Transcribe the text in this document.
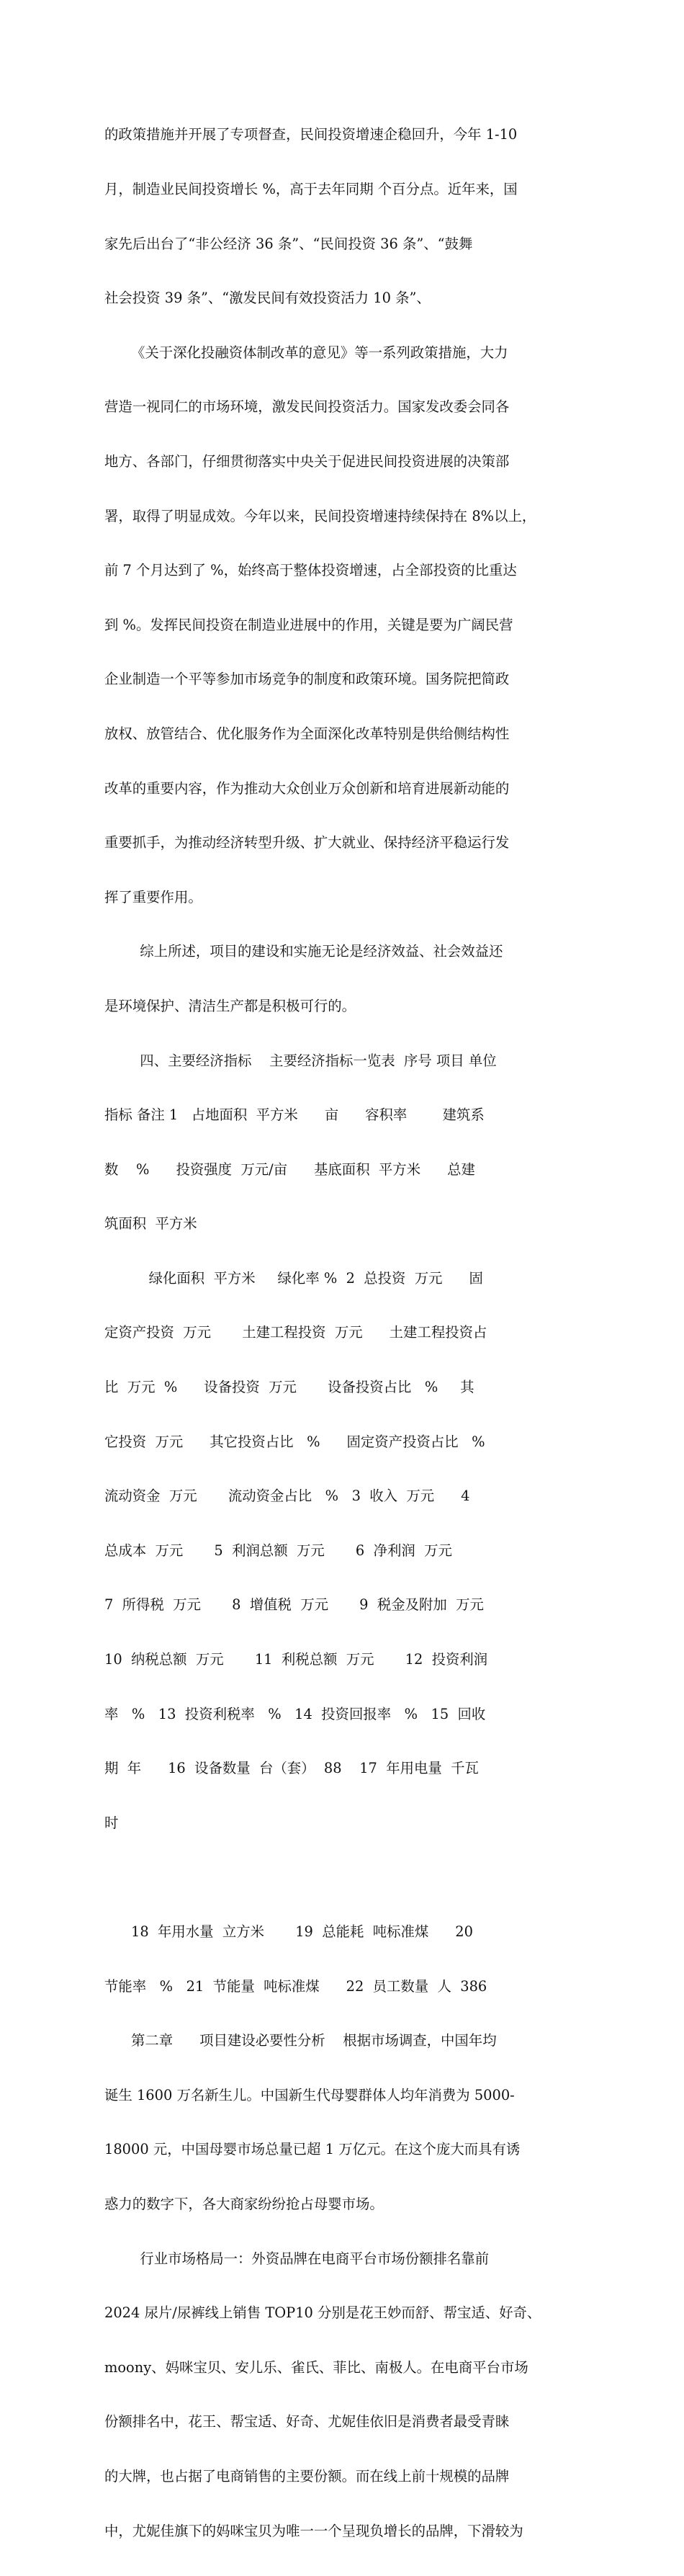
的政策措施并开展了专项督查，民间投资增速企稳回升，今年 1-10

月，制造业民间投资增长 %，高于去年同期 个百分点。近年来，国

家先后出台了“非公经济 36 条”、“民间投资 36 条”、“鼓舞

社会投资 39 条”、“激发民间有效投资活力 10 条”、

《关于深化投融资体制改革的意见》等一系列政策措施，大力

营造一视同仁的市场环境，激发民间投资活力。国家发改委会同各

地方、各部门，仔细贯彻落实中央关于促进民间投资进展的决策部

署，取得了明显成效。今年以来，民间投资增速持续保持在 8%以上，

前 7 个月达到了 %，始终高于整体投资增速，占全部投资的比重达

到 %。发挥民间投资在制造业进展中的作用，关键是要为广阔民营

企业制造一个平等参加市场竞争的制度和政策环境。国务院把简政

放权、放管结合、优化服务作为全面深化改革特别是供给侧结构性

改革的重要内容，作为推动大众创业万众创新和培育进展新动能的

重要抓手，为推动经济转型升级、扩大就业、保持经济平稳运行发

挥了重要作用。

综上所述，项目的建设和实施无论是经济效益、社会效益还

是环境保护、清洁生产都是积极可行的。

四、主要经济指标    主要经济指标一览表  序号 项目 单位

指标 备注 1   占地面积  平方米      亩      容积率        建筑系

数    %      投资强度  万元/亩      基底面积  平方米      总建

筑面积  平方米

绿化面积  平方米     绿化率 %  2  总投资  万元      固

定资产投资  万元       土建工程投资  万元      土建工程投资占

比  万元  %      设备投资  万元       设备投资占比   %     其

它投资  万元      其它投资占比   %      固定资产投资占比   %

流动资金  万元       流动资金占比   %   3  收入  万元      4

总成本  万元       5  利润总额  万元       6  净利润  万元

7  所得税  万元       8  增值税  万元       9  税金及附加  万元

10  纳税总额  万元       11  利税总额  万元       12  投资利润

率   %   13  投资利税率   %   14  投资回报率   %   15  回收

期  年      16  设备数量  台（套）  88    17  年用电量  千瓦

时

18  年用水量  立方米       19  总能耗  吨标准煤      20

节能率   %   21  节能量  吨标准煤      22  员工数量  人  386

第二章      项目建设必要性分析    根据市场调查，中国年均

诞生 1600 万名新生儿。中国新生代母婴群体人均年消费为 5000-

18000 元，中国母婴市场总量已超 1 万亿元。在这个庞大而具有诱

惑力的数字下，各大商家纷纷抢占母婴市场。

行业市场格局一：外资品牌在电商平台市场份额排名靠前

2024 尿片/尿裤线上销售 TOP10 分别是花王妙而舒、帮宝适、好奇、

moony、妈咪宝贝、安儿乐、雀氏、菲比、南极人。在电商平台市场

份额排名中，花王、帮宝适、好奇、尤妮佳依旧是消费者最受青睐

的大牌，也占据了电商销售的主要份额。而在线上前十规模的品牌

中，尤妮佳旗下的妈咪宝贝为唯一一个呈现负增长的品牌，下滑较为
